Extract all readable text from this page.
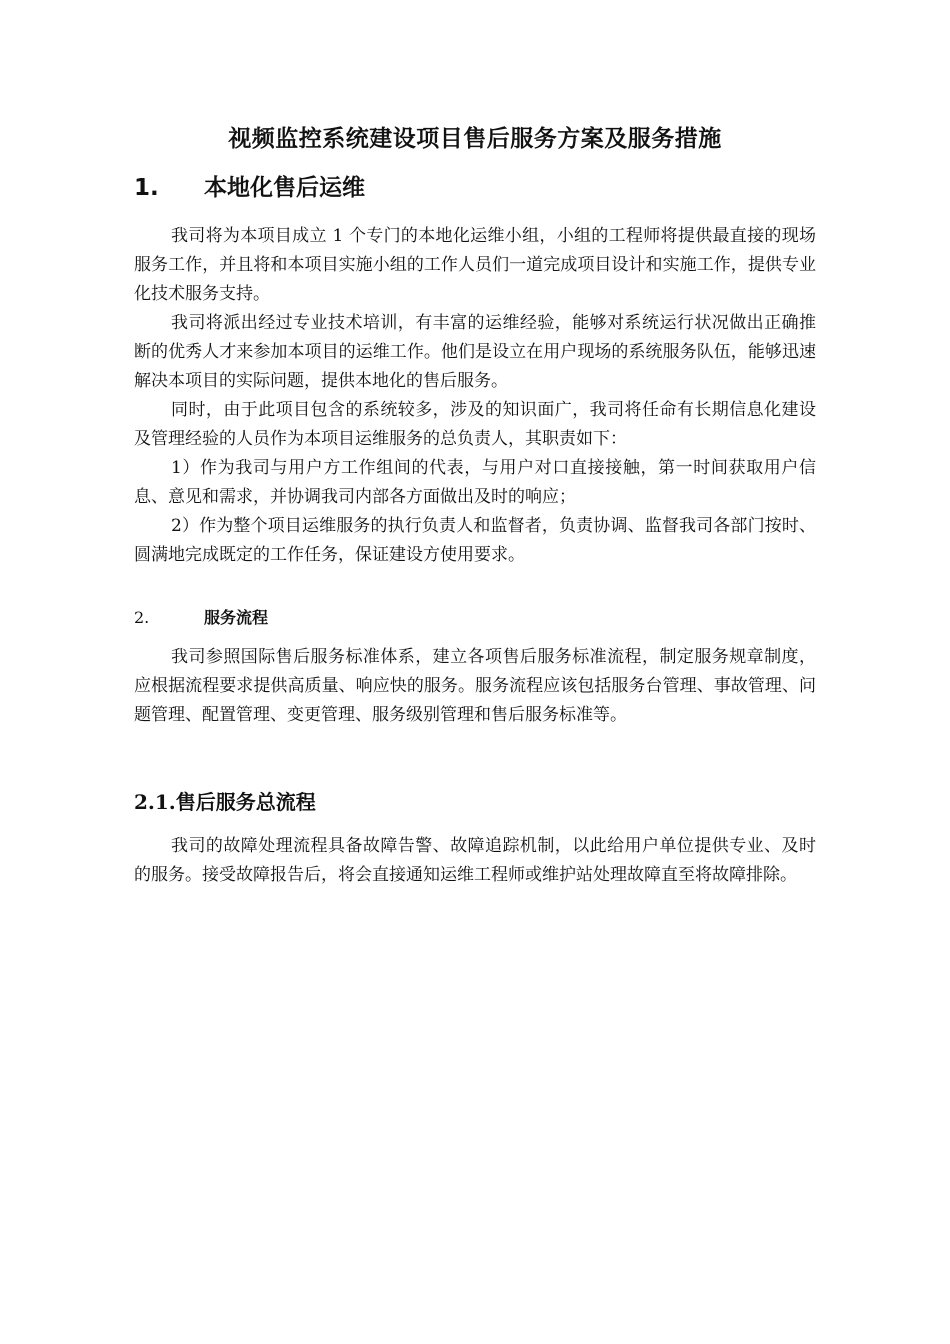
视频监控系统建设项目售后服务方案及服务措施
1. 本地化售后运维
我司将为本项目成立 1 个专门的本地化运维小组，小组的工程师将提供最直接的现场服务工作，并且将和本项目实施小组的工作人员们一道完成项目设计和实施工作，提供专业化技术服务支持。
我司将派出经过专业技术培训，有丰富的运维经验，能够对系统运行状况做出正确推断的优秀人才来参加本项目的运维工作。他们是设立在用户现场的系统服务队伍，能够迅速解决本项目的实际问题，提供本地化的售后服务。
同时，由于此项目包含的系统较多，涉及的知识面广，我司将任命有长期信息化建设及管理经验的人员作为本项目运维服务的总负责人，其职责如下：
1）作为我司与用户方工作组间的代表，与用户对口直接接触，第一时间获取用户信息、意见和需求，并协调我司内部各方面做出及时的响应；
2）作为整个项目运维服务的执行负责人和监督者，负责协调、监督我司各部门按时、圆满地完成既定的工作任务，保证建设方使用要求。
2.	服务流程
我司参照国际售后服务标准体系，建立各项售后服务标准流程，制定服务规章制度，应根据流程要求提供高质量、响应快的服务。服务流程应该包括服务台管理、事故管理、问题管理、配置管理、变更管理、服务级别管理和售后服务标准等。
2.1.售后服务总流程
我司的故障处理流程具备故障告警、故障追踪机制，以此给用户单位提供专业、及时的服务。接受故障报告后，将会直接通知运维工程师或维护站处理故障直至将故障排除。
